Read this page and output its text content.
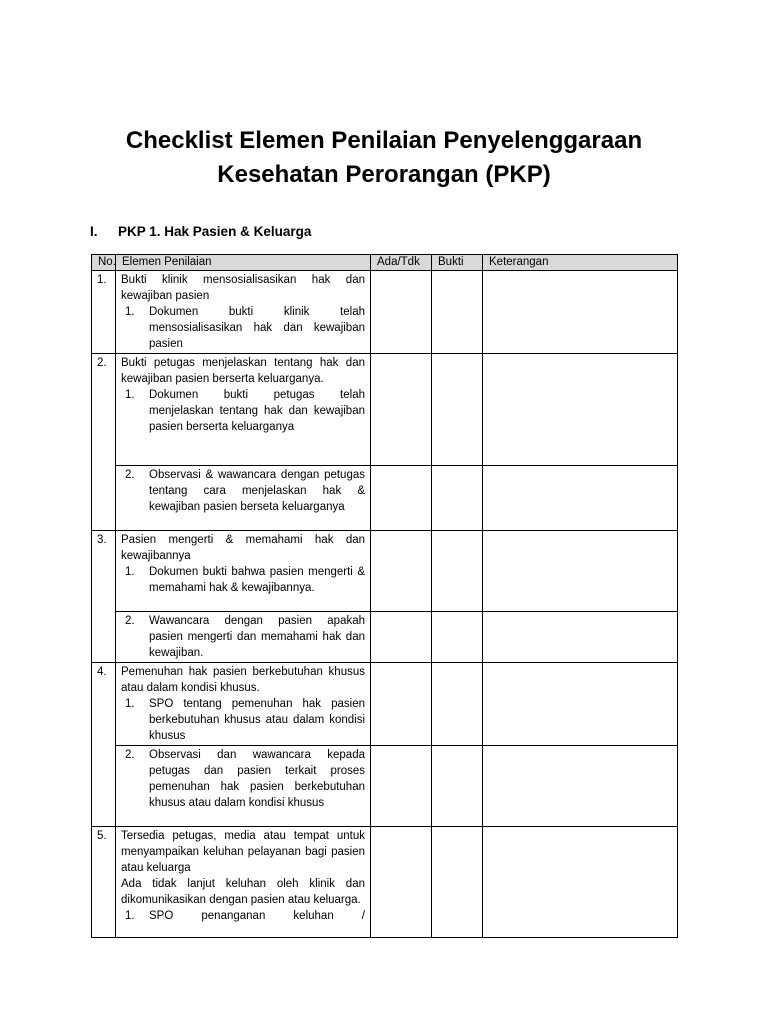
Checklist Elemen Penilaian Penyelenggaraan
Kesehatan Perorangan (PKP)
I. PKP 1. Hak Pasien & Keluarga
No.	Elemen Penilaian	Ada/Tdk	Bukti	Keterangan
1.	Bukti klinik mensosialisasikan hak dan kewajiban pasien
1. Dokumen bukti klinik telah mensosialisasikan hak dan kewajiban pasien			

2.	Bukti petugas menjelaskan tentang hak dan kewajiban pasien berserta keluarganya.
1. Dokumen bukti petugas telah menjelaskan tentang hak dan kewajiban pasien berserta keluarganya			

	2. Observasi & wawancara dengan petugas tentang cara menjelaskan hak & kewajiban pasien berseta keluarganya			

3.	Pasien mengerti & memahami hak dan kewajibannya
1. Dokumen bukti bahwa pasien mengerti & memahami hak & kewajibannya.			

	2. Wawancara dengan pasien apakah pasien mengerti dan memahami hak dan kewajiban.			

4.	Pemenuhan hak pasien berkebutuhan khusus atau dalam kondisi khusus.
1. SPO tentang pemenuhan hak pasien berkebutuhan khusus atau dalam kondisi khusus			

	2. Observasi dan wawancara kepada petugas dan pasien terkait proses pemenuhan hak pasien berkebutuhan khusus atau dalam kondisi khusus			

5.	Tersedia petugas, media atau tempat untuk menyampaikan keluhan pelayanan bagi pasien atau keluarga
Ada tidak lanjut keluhan oleh klinik dan dikomunikasikan dengan pasien atau keluarga.
1. SPO penanganan keluhan /			
